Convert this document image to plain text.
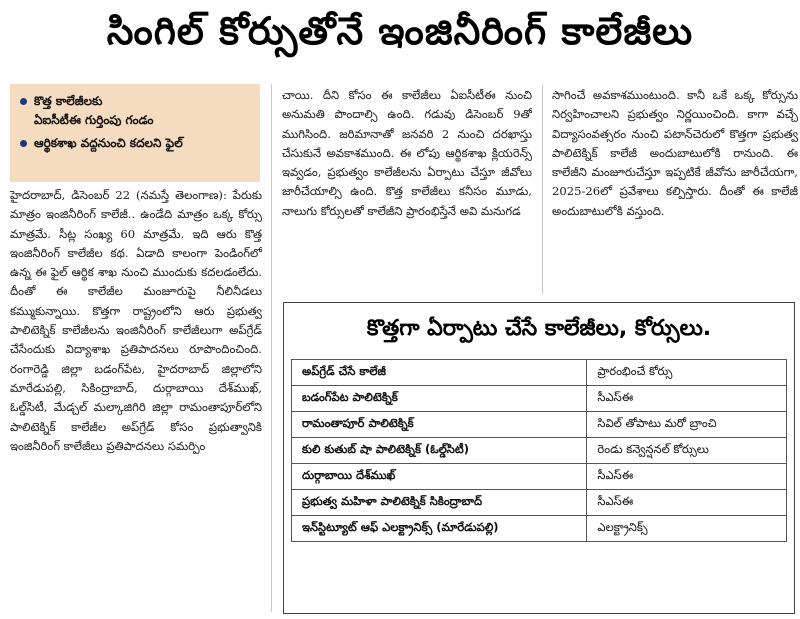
సింగిల్ కోర్సుతోనే ఇంజినీరింగ్ కాలేజీలు
కొత్త కాలేజీలకు
ఏఐసీటీఈ గుర్తింపు గండం
ఆర్థికశాఖ వద్దనుంచి కదలని ఫైల్
హైదరాబాద్, డిసెంబర్ 22 (నమస్తే తెలంగాణ): పేరుకు మాత్రం ఇంజినీరింగ్ కాలేజీ.. ఉండేది మాత్రం ఒక్క కోర్సు మాత్రమే. సీట్ల సంఖ్య 60 మాత్రమే. ఇది ఆరు కొత్త ఇంజినీరింగ్ కాలేజీల కథ. ఏడాది కాలంగా పెండింగ్‌లో ఉన్న ఈ ఫైల్ ఆర్థిక శాఖ నుంచి ముందుకు కదలడంలేదు. దీంతో ఈ కాలేజీల మంజూరుపై నీలినీడలు కమ్ముకున్నాయి. కొత్తగా రాష్ట్రంలోని ఆరు ప్రభుత్వ పాలిటెక్నిక్ కాలేజీలను ఇంజినీరింగ్ కాలేజీలుగా అప్‌గ్రేడ్ చేసేందుకు విద్యాశాఖ ప్రతిపాదనలు రూపొందించింది. రంగారెడ్డి జిల్లా బడంగ్‌పేట, హైదరాబాద్ జిల్లాలోని మారేడుపల్లి, సికింద్రాబాద్, దుర్గాబాయి దేశ్‌ముఖ్, ఓల్డ్‌సిటీ, మేడ్చల్ మల్కాజిగిరి జిల్లా రామంతాపూర్‌లోని పాలిటెక్నిక్ కాలేజీల అప్‌గ్రేడ్ కోసం ప్రభుత్వానికి ఇంజినీరింగ్ కాలేజీలు ప్రతిపాదనలు సమర్పిం
చాయి. దీని కోసం ఈ కాలేజీలు ఏఐసీటీఈ నుంచి అనుమతి పొందాల్సి ఉంది. గడువు డిసెంబర్ 9తో ముగిసింది. జరిమానాతో జనవరి 2 నుంచి దరఖాస్తు చేసుకునే అవకాశముంది. ఈ లోపు ఆర్థికశాఖ క్లియరెన్స్ ఇవ్వడం, ప్రభుత్వం కాలేజీలను ఏర్పాటు చేస్తూ జీవోలు జారీచేయాల్సి ఉంది. కొత్త కాలేజీలు కనీసం మూడు, నాలుగు కోర్సులతో కాలేజీని ప్రారంభిస్తేనే అవి మనుగడ
సాగించే అవకాశముంటుంది. కానీ ఒకే ఒక్క కోర్సును నిర్వహించాలని ప్రభుత్వం నిర్ణయించింది. కాగా వచ్చే విద్యాసంవత్సరం నుంచి పటాన్‌చెరులో కొత్తగా ప్రభుత్వ పాలిటెక్నిక్ కాలేజీ అందుబాటులోకి రానుంది. ఈ కాలేజీని మంజూరుచేస్తూ ఇప్పటికే జీవోను జారీచేయగా, 2025-26లో ప్రవేశాలు కల్పిస్తారు. దీంతో ఈ కాలేజీ అందుబాటులోకి వస్తుంది.
కొత్తగా ఏర్పాటు చేసే కాలేజీలు, కోర్సులు.
అప్‌గ్రేడ్ చేసే కాలేజీ	ప్రారంభించే కోర్సు
బడంగ్‌పేట పాలిటెక్నిక్	సీఎస్ఈ
రామంతాపూర్ పాలిటెక్నిక్	సివిల్ తోపాటు మరో బ్రాంచి
కులి కుతుబ్ షా పాలిటెక్నిక్ (ఓల్డ్‌సిటీ)	రెండు కన్వెన్షనల్ కోర్సులు
దుర్గాబాయి దేశ్‌ముఖ్	సీఎస్ఈ
ప్రభుత్వ మహిళా పాలిటెక్నిక్ సికింద్రాబాద్	సీఎస్ఈ
ఇన్‌స్టిట్యూట్ ఆఫ్ ఎలక్ట్రానిక్స్ (మారేడుపల్లి)	ఎలక్ట్రానిక్స్
